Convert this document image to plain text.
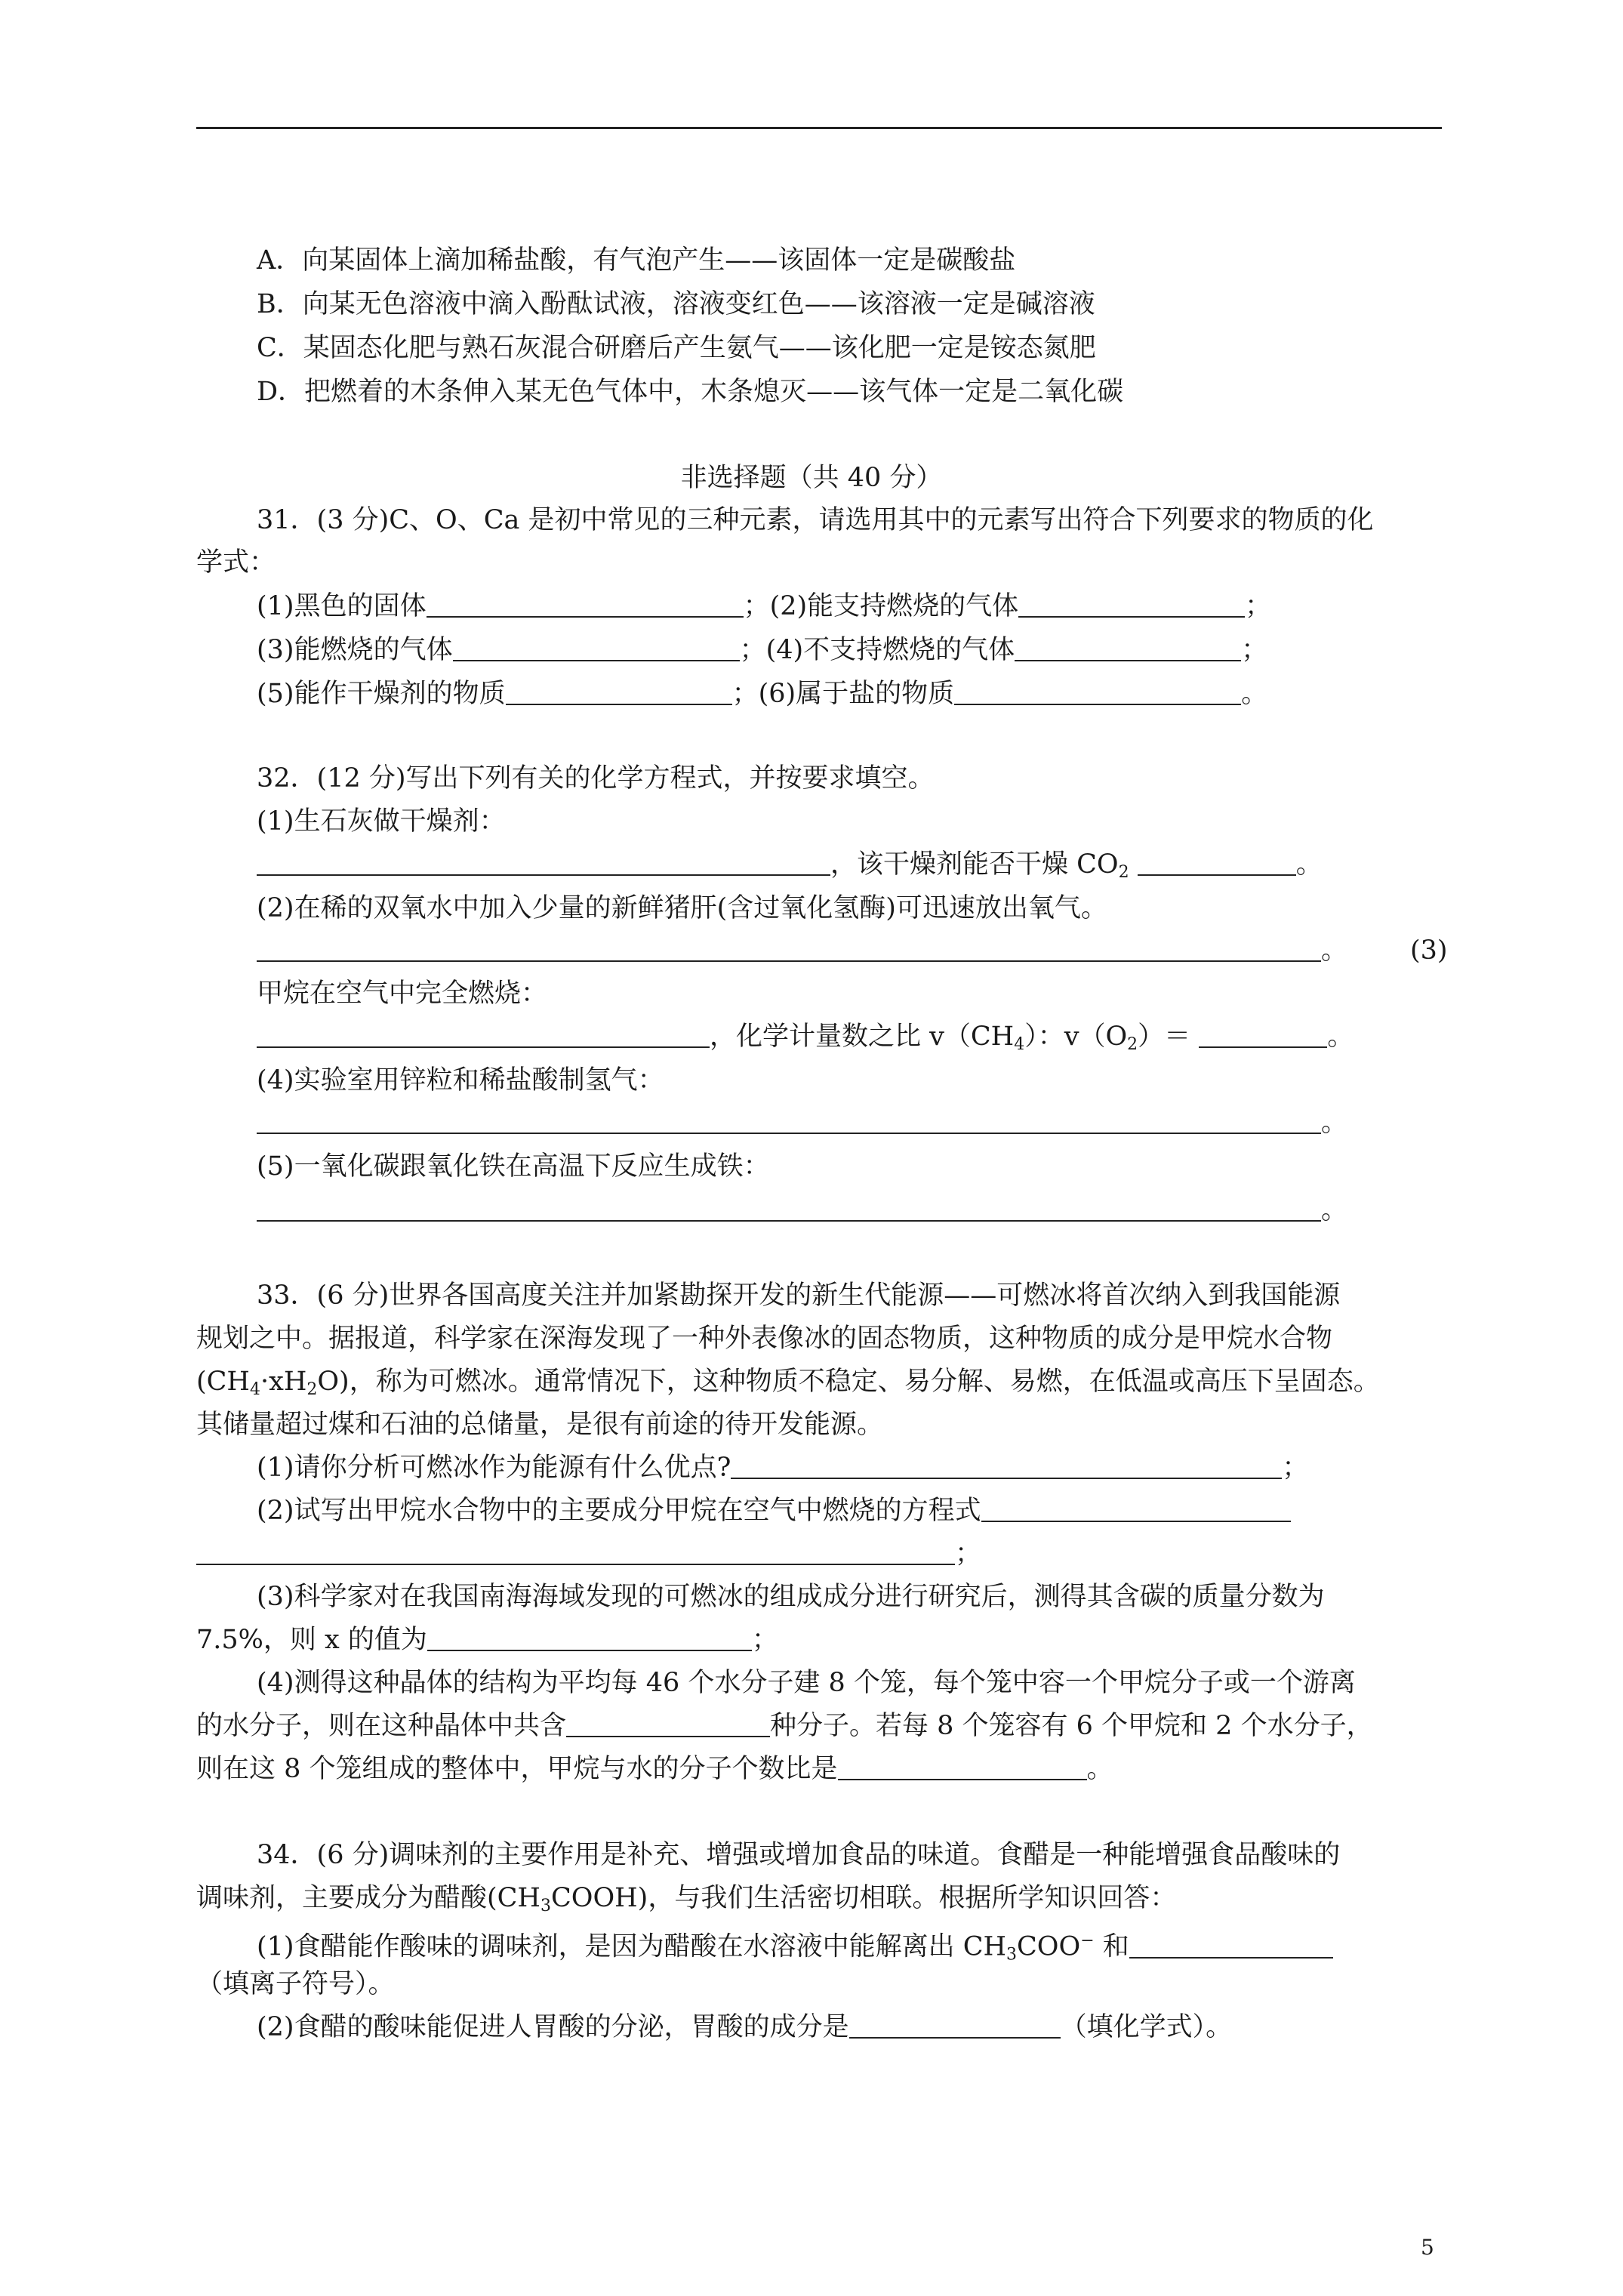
A．向某固体上滴加稀盐酸，有气泡产生——该固体一定是碳酸盐
B．向某无色溶液中滴入酚酞试液，溶液变红色——该溶液一定是碱溶液
C．某固态化肥与熟石灰混合研磨后产生氨气——该化肥一定是铵态氮肥
D．把燃着的木条伸入某无色气体中，木条熄灭——该气体一定是二氧化碳
非选择题（共 40 分）
31．(3 分)C、O、Ca 是初中常见的三种元素，请选用其中的元素写出符合下列要求的物质的化
学式：
(1)黑色的固体	；(2)能支持燃烧的气体	；
(3)能燃烧的气体	；(4)不支持燃烧的气体	；
(5)能作干燥剂的物质	；(6)属于盐的物质	。
32．(12 分)写出下列有关的化学方程式，并按要求填空。
(1)生石灰做干燥剂：
，该干燥剂能否干燥 $CO_2$	。
(2)在稀的双氧水中加入少量的新鲜猪肝(含过氧化氢酶)可迅速放出氧气。
。 (3)
甲烷在空气中完全燃烧：
，化学计量数之比 $v(CH_4)$：$v(O_2)=$	。
(4)实验室用锌粒和稀盐酸制氢气：
。
(5)一氧化碳跟氧化铁在高温下反应生成铁：
。
33．(6 分)世界各国高度关注并加紧勘探开发的新生代能源——可燃冰将首次纳入到我国能源
规划之中。据报道，科学家在深海发现了一种外表像冰的固态物质，这种物质的成分是甲烷水合物
$(CH_4\cdot xH_2O)$，称为可燃冰。通常情况下，这种物质不稳定、易分解、易燃，在低温或高压下呈固态。
其储量超过煤和石油的总储量，是很有前途的待开发能源。
(1)请你分析可燃冰作为能源有什么优点?	；
(2)试写出甲烷水合物中的主要成分甲烷在空气中燃烧的方程式
；
(3)科学家对在我国南海海域发现的可燃冰的组成成分进行研究后，测得其含碳的质量分数为
7.5%，则 x 的值为	；
(4)测得这种晶体的结构为平均每 46 个水分子建 8 个笼，每个笼中容一个甲烷分子或一个游离
的水分子，则在这种晶体中共含	种分子。若每 8 个笼容有 6 个甲烷和 2 个水分子，
则在这 8 个笼组成的整体中，甲烷与水的分子个数比是	。
34．(6 分)调味剂的主要作用是补充、增强或增加食品的味道。食醋是一种能增强食品酸味的
调味剂，主要成分为醋酸$(CH_3COOH)$，与我们生活密切相联。根据所学知识回答：
(1)食醋能作酸味的调味剂，是因为醋酸在水溶液中能解离出 $CH_3COO^-$ 和
（填离子符号）。
(2)食醋的酸味能促进人胃酸的分泌，胃酸的成分是	（填化学式）。
5
